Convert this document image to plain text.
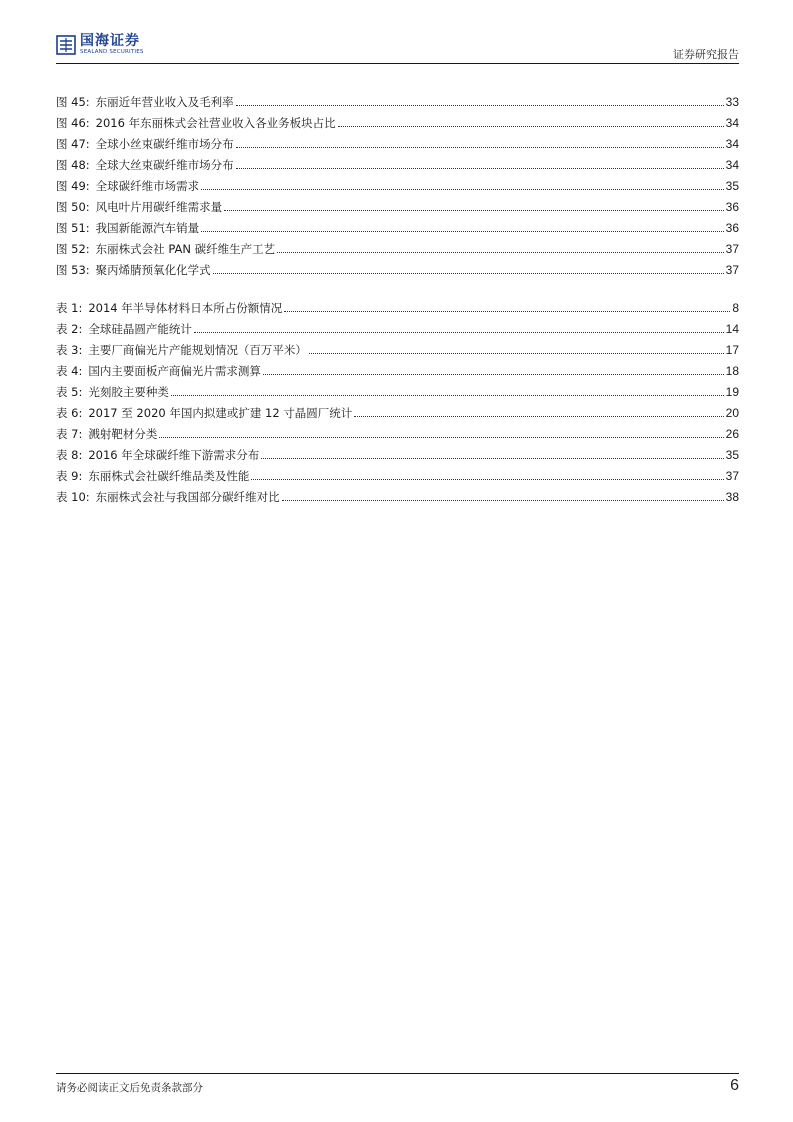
国海证券
SEALAND SECURITIES	证券研究报告
图 45: 东丽近年营业收入及毛利率	33
图 46: 2016 年东丽株式会社营业收入各业务板块占比	34
图 47: 全球小丝束碳纤维市场分布	34
图 48: 全球大丝束碳纤维市场分布	34
图 49: 全球碳纤维市场需求	35
图 50: 风电叶片用碳纤维需求量	36
图 51: 我国新能源汽车销量	36
图 52: 东丽株式会社 PAN 碳纤维生产工艺	37
图 53: 聚丙烯腈预氧化化学式	37
表 1: 2014 年半导体材料日本所占份额情况	8
表 2: 全球硅晶圆产能统计	14
表 3: 主要厂商偏光片产能规划情况（百万平米）	17
表 4: 国内主要面板产商偏光片需求测算	18
表 5: 光刻胶主要种类	19
表 6: 2017 至 2020 年国内拟建或扩建 12 寸晶圆厂统计	20
表 7: 溅射靶材分类	26
表 8: 2016 年全球碳纤维下游需求分布	35
表 9: 东丽株式会社碳纤维品类及性能	37
表 10: 东丽株式会社与我国部分碳纤维对比	38
请务必阅读正文后免责条款部分	6
